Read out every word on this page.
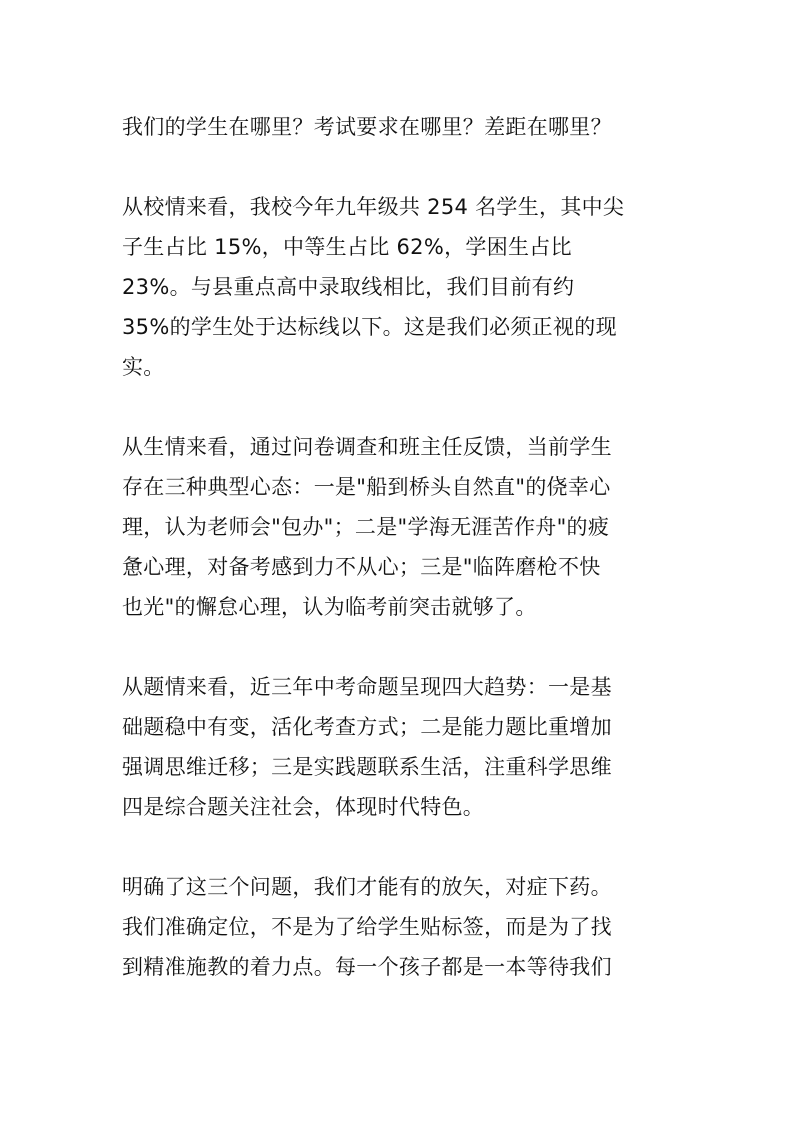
我们的学生在哪里？考试要求在哪里？差距在哪里？
从校情来看，我校今年九年级共 254 名学生，其中尖
子生占比 15%，中等生占比 62%，学困生占比
23%。与县重点高中录取线相比，我们目前有约
35%的学生处于达标线以下。这是我们必须正视的现
实。
从生情来看，通过问卷调查和班主任反馈，当前学生
存在三种典型心态：一是"船到桥头自然直"的侥幸心
理，认为老师会"包办"；二是"学海无涯苦作舟"的疲
惫心理，对备考感到力不从心；三是"临阵磨枪不快
也光"的懈怠心理，认为临考前突击就够了。
从题情来看，近三年中考命题呈现四大趋势：一是基
础题稳中有变，活化考查方式；二是能力题比重增加
强调思维迁移；三是实践题联系生活，注重科学思维
四是综合题关注社会，体现时代特色。
明确了这三个问题，我们才能有的放矢，对症下药。
我们准确定位，不是为了给学生贴标签，而是为了找
到精准施教的着力点。每一个孩子都是一本等待我们
